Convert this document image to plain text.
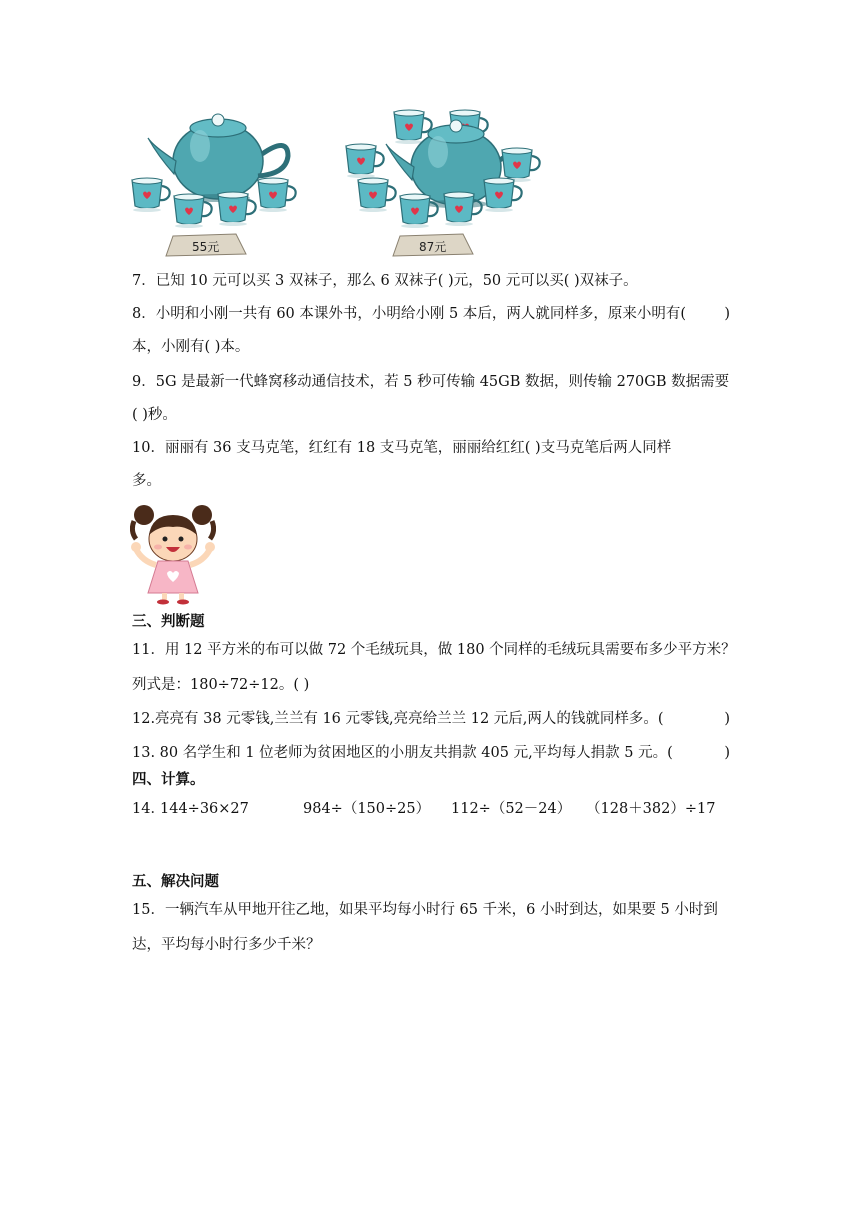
55元	87元
7．已知 10 元可以买 3 双袜子，那么 6 双袜子( )元，50 元可以买( )双袜子。
8．小明和小刚一共有 60 本课外书，小明给小刚 5 本后，两人就同样多，原来小明有(	)
本，小刚有( )本。
9．5G 是最新一代蜂窝移动通信技术，若 5 秒可传输 45GB 数据，则传输 270GB 数据需要
( )秒。
10．丽丽有 36 支马克笔，红红有 18 支马克笔，丽丽给红红( )支马克笔后两人同样
多。
三、判断题
11．用 12 平方米的布可以做 72 个毛绒玩具，做 180 个同样的毛绒玩具需要布多少平方米？
列式是：180÷72÷12。( )
12.亮亮有 38 元零钱,兰兰有 16 元零钱,亮亮给兰兰 12 元后,两人的钱就同样多。(	)
13. 80 名学生和 1 位老师为贫困地区的小朋友共捐款 405 元,平均每人捐款 5 元。(	)
四、计算。
14．
144÷36×27	984÷（150÷25） 112÷（52－24） （128＋382）÷17
五、解决问题
15．一辆汽车从甲地开往乙地，如果平均每小时行 65 千米，6 小时到达，如果要 5 小时到
达，平均每小时行多少千米？
